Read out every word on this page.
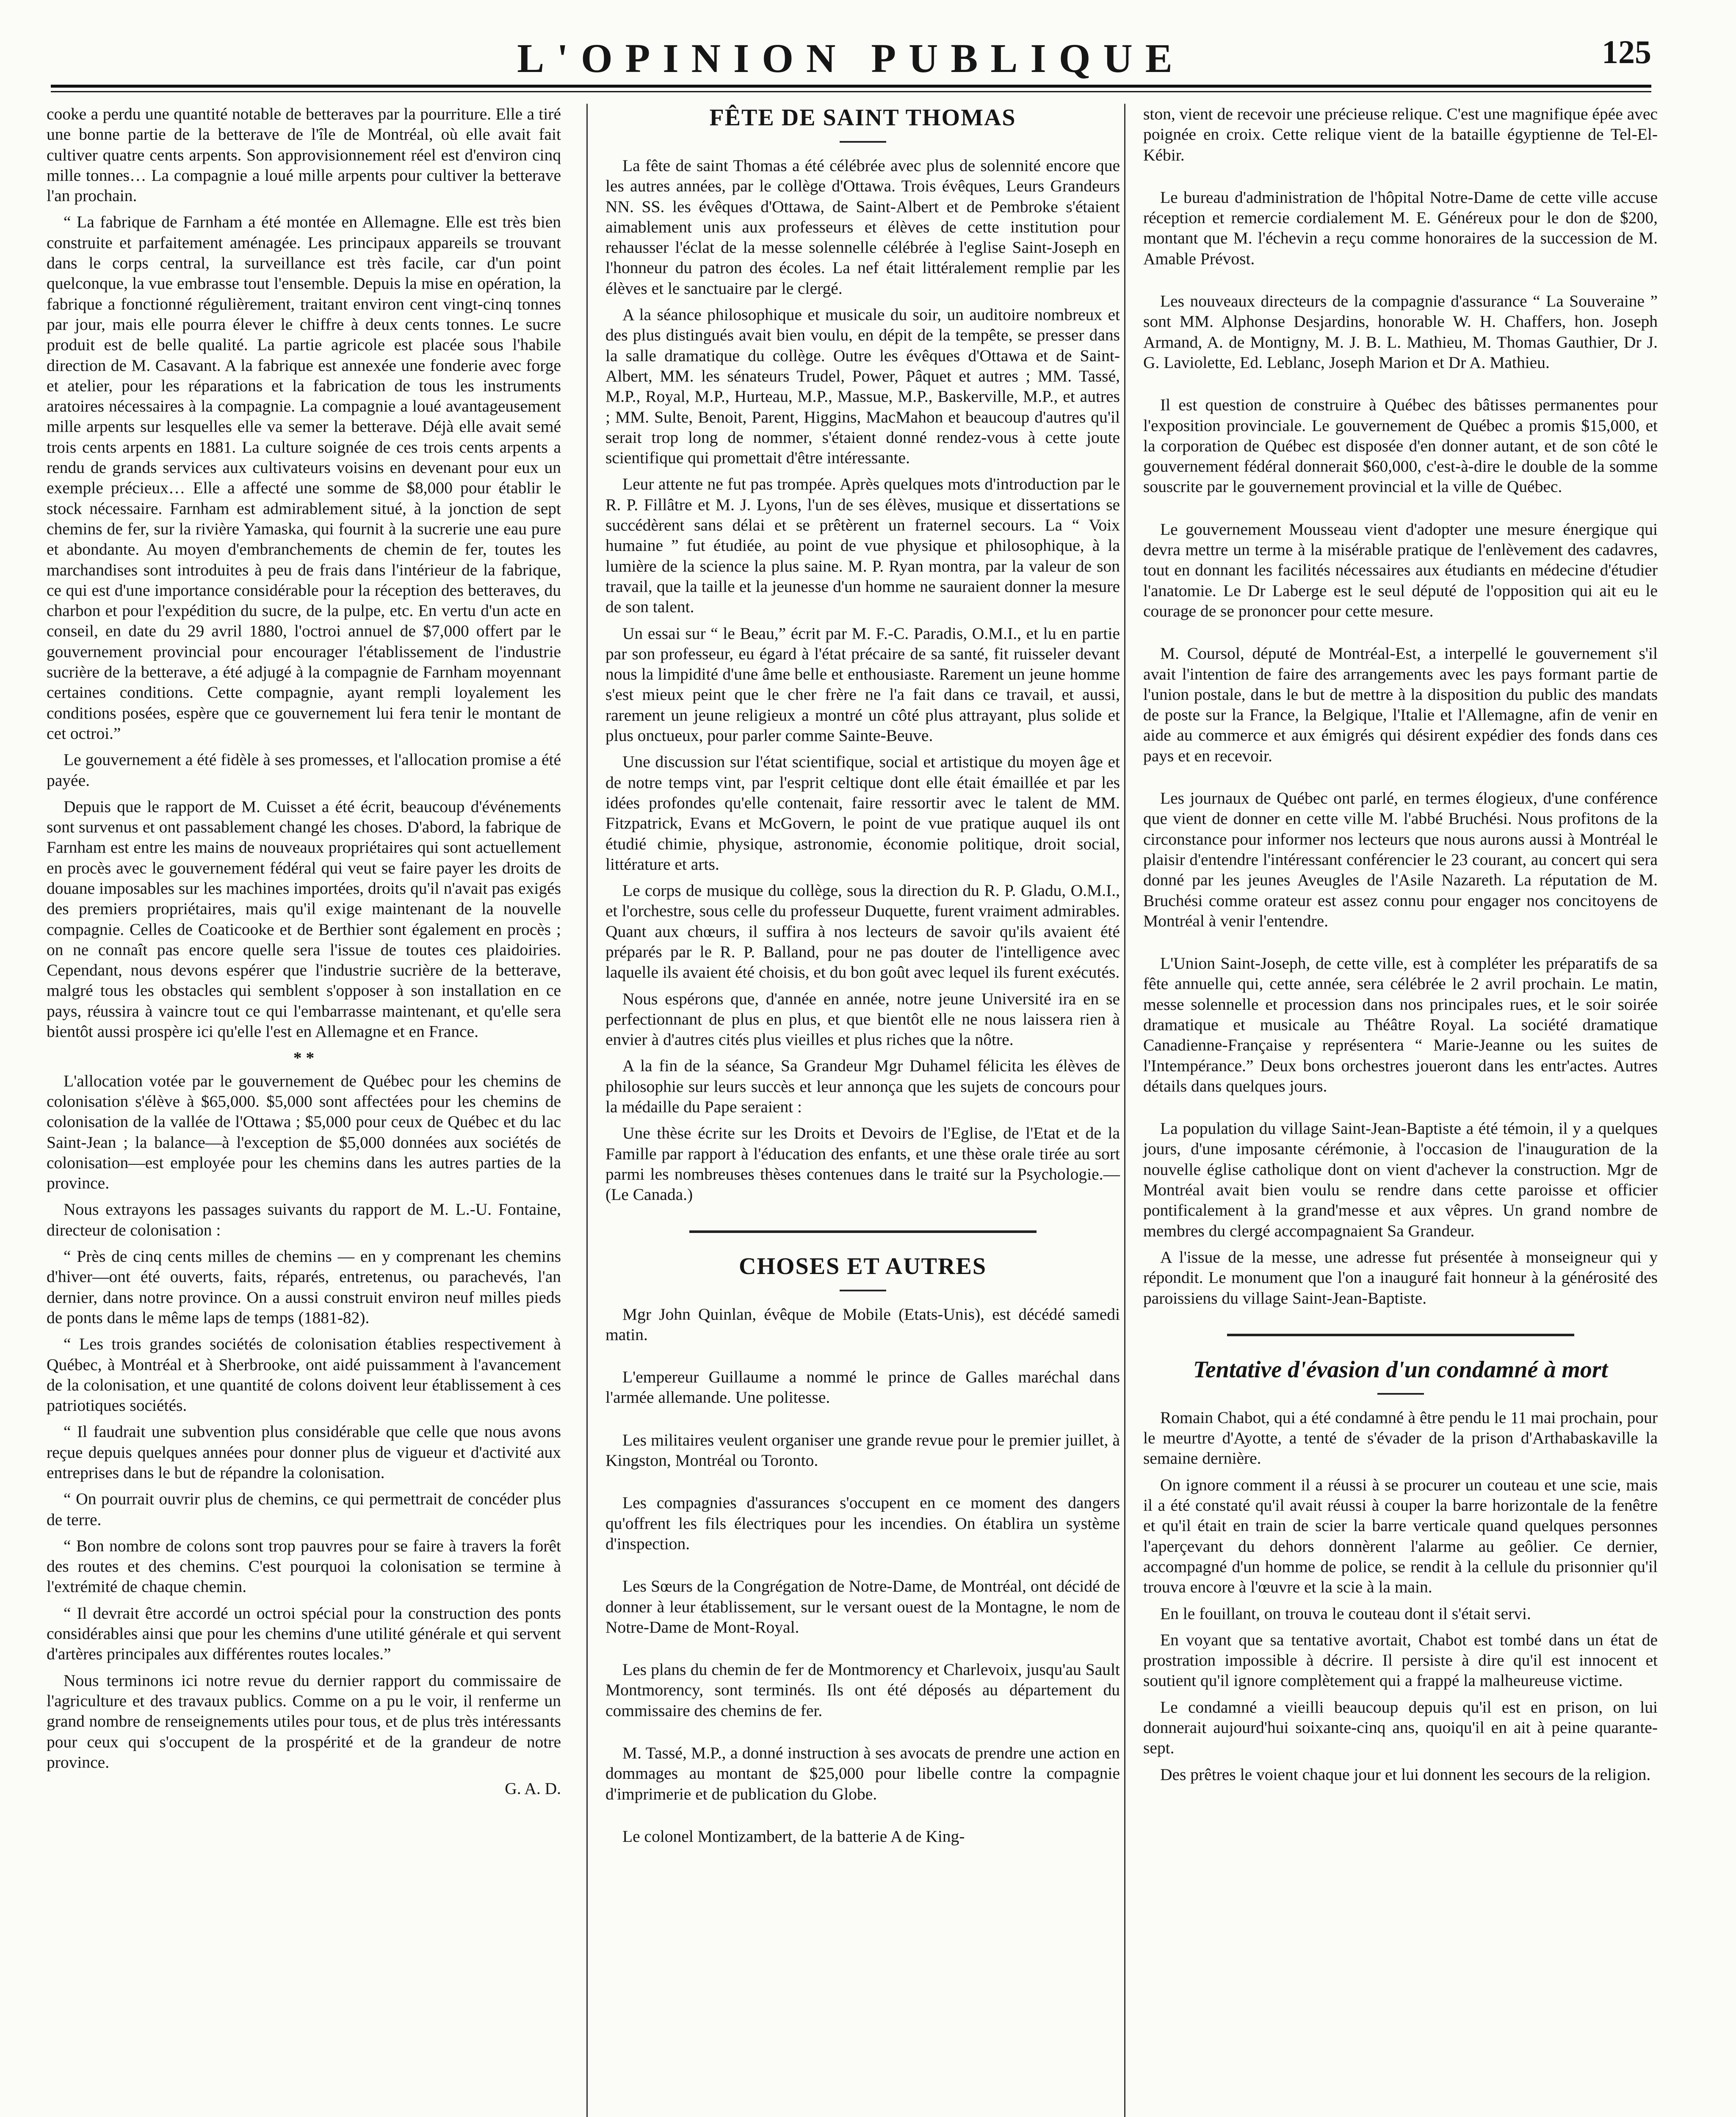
L'OPINION PUBLIQUE	125

cooke a perdu une quantité notable de betteraves par la pourriture. Elle a tiré une bonne partie de la betterave de l'île de Montréal, où elle avait fait cultiver quatre cents arpents. Son approvisionnement réel est d'environ cinq mille tonnes… La compagnie a loué mille arpents pour cultiver la betterave l'an prochain.

“ La fabrique de Farnham a été montée en Allemagne. Elle est très bien construite et parfaitement aménagée. Les principaux appareils se trouvant dans le corps central, la surveillance est très facile, car d'un point quelconque, la vue embrasse tout l'ensemble. Depuis la mise en opération, la fabrique a fonctionné régulièrement, traitant environ cent vingt-cinq tonnes par jour, mais elle pourra élever le chiffre à deux cents tonnes. Le sucre produit est de belle qualité. La partie agricole est placée sous l'habile direction de M. Casavant. A la fabrique est annexée une fonderie avec forge et atelier, pour les réparations et la fabrication de tous les instruments aratoires nécessaires à la compagnie. La compagnie a loué avantageusement mille arpents sur lesquelles elle va semer la betterave. Déjà elle avait semé trois cents arpents en 1881. La culture soignée de ces trois cents arpents a rendu de grands services aux cultivateurs voisins en devenant pour eux un exemple précieux… Elle a affecté une somme de $8,000 pour établir le stock nécessaire. Farnham est admirablement situé, à la jonction de sept chemins de fer, sur la rivière Yamaska, qui fournit à la sucrerie une eau pure et abondante. Au moyen d'embranchements de chemin de fer, toutes les marchandises sont introduites à peu de frais dans l'intérieur de la fabrique, ce qui est d'une importance considérable pour la réception des betteraves, du charbon et pour l'expédition du sucre, de la pulpe, etc. En vertu d'un acte en conseil, en date du 29 avril 1880, l'octroi annuel de $7,000 offert par le gouvernement provincial pour encourager l'établissement de l'industrie sucrière de la betterave, a été adjugé à la compagnie de Farnham moyennant certaines conditions. Cette compagnie, ayant rempli loyalement les conditions posées, espère que ce gouvernement lui fera tenir le montant de cet octroi.”

Le gouvernement a été fidèle à ses promesses, et l'allocation promise a été payée.

Depuis que le rapport de M. Cuisset a été écrit, beaucoup d'événements sont survenus et ont passablement changé les choses. D'abord, la fabrique de Farnham est entre les mains de nouveaux propriétaires qui sont actuellement en procès avec le gouvernement fédéral qui veut se faire payer les droits de douane imposables sur les machines importées, droits qu'il n'avait pas exigés des premiers propriétaires, mais qu'il exige maintenant de la nouvelle compagnie. Celles de Coaticooke et de Berthier sont également en procès ; on ne connaît pas encore quelle sera l'issue de toutes ces plaidoiries. Cependant, nous devons espérer que l'industrie sucrière de la betterave, malgré tous les obstacles qui semblent s'opposer à son installation en ce pays, réussira à vaincre tout ce qui l'embarrasse maintenant, et qu'elle sera bientôt aussi prospère ici qu'elle l'est en Allemagne et en France.

* *

L'allocation votée par le gouvernement de Québec pour les chemins de colonisation s'élève à $65,000. $5,000 sont affectées pour les chemins de colonisation de la vallée de l'Ottawa ; $5,000 pour ceux de Québec et du lac Saint-Jean ; la balance—à l'exception de $5,000 données aux sociétés de colonisation—est employée pour les chemins dans les autres parties de la province.

Nous extrayons les passages suivants du rapport de M. L.-U. Fontaine, directeur de colonisation :

“ Près de cinq cents milles de chemins — en y comprenant les chemins d'hiver—ont été ouverts, faits, réparés, entretenus, ou parachevés, l'an dernier, dans notre province. On a aussi construit environ neuf milles pieds de ponts dans le même laps de temps (1881-82).

“ Les trois grandes sociétés de colonisation établies respectivement à Québec, à Montréal et à Sherbrooke, ont aidé puissamment à l'avancement de la colonisation, et une quantité de colons doivent leur établissement à ces patriotiques sociétés.

“ Il faudrait une subvention plus considérable que celle que nous avons reçue depuis quelques années pour donner plus de vigueur et d'activité aux entreprises dans le but de répandre la colonisation.

“ On pourrait ouvrir plus de chemins, ce qui permettrait de concéder plus de terre.

“ Bon nombre de colons sont trop pauvres pour se faire à travers la forêt des routes et des chemins. C'est pourquoi la colonisation se termine à l'extrémité de chaque chemin.

“ Il devrait être accordé un octroi spécial pour la construction des ponts considérables ainsi que pour les chemins d'une utilité générale et qui servent d'artères principales aux différentes routes locales.”

Nous terminons ici notre revue du dernier rapport du commissaire de l'agriculture et des travaux publics. Comme on a pu le voir, il renferme un grand nombre de renseignements utiles pour tous, et de plus très intéressants pour ceux qui s'occupent de la prospérité et de la grandeur de notre province.

G. A. D.

FÊTE DE SAINT THOMAS

La fête de saint Thomas a été célébrée avec plus de solennité encore que les autres années, par le collège d'Ottawa. Trois évêques, Leurs Grandeurs NN. SS. les évêques d'Ottawa, de Saint-Albert et de Pembroke s'étaient aimablement unis aux professeurs et élèves de cette institution pour rehausser l'éclat de la messe solennelle célébrée à l'eglise Saint-Joseph en l'honneur du patron des écoles. La nef était littéralement remplie par les élèves et le sanctuaire par le clergé.

A la séance philosophique et musicale du soir, un auditoire nombreux et des plus distingués avait bien voulu, en dépit de la tempête, se presser dans la salle dramatique du collège. Outre les évêques d'Ottawa et de Saint-Albert, MM. les sénateurs Trudel, Power, Pâquet et autres ; MM. Tassé, M.P., Royal, M.P., Hurteau, M.P., Massue, M.P., Baskerville, M.P., et autres ; MM. Sulte, Benoit, Parent, Higgins, MacMahon et beaucoup d'autres qu'il serait trop long de nommer, s'étaient donné rendez-vous à cette joute scientifique qui promettait d'être intéressante.

Leur attente ne fut pas trompée. Après quelques mots d'introduction par le R. P. Fillâtre et M. J. Lyons, l'un de ses élèves, musique et dissertations se succédèrent sans délai et se prêtèrent un fraternel secours. La “ Voix humaine ” fut étudiée, au point de vue physique et philosophique, à la lumière de la science la plus saine. M. P. Ryan montra, par la valeur de son travail, que la taille et la jeunesse d'un homme ne sauraient donner la mesure de son talent.

Un essai sur “ le Beau,” écrit par M. F.-C. Paradis, O.M.I., et lu en partie par son professeur, eu égard à l'état précaire de sa santé, fit ruisseler devant nous la limpidité d'une âme belle et enthousiaste. Rarement un jeune homme s'est mieux peint que le cher frère ne l'a fait dans ce travail, et aussi, rarement un jeune religieux a montré un côté plus attrayant, plus solide et plus onctueux, pour parler comme Sainte-Beuve.

Une discussion sur l'état scientifique, social et artistique du moyen âge et de notre temps vint, par l'esprit celtique dont elle était émaillée et par les idées profondes qu'elle contenait, faire ressortir avec le talent de MM. Fitzpatrick, Evans et McGovern, le point de vue pratique auquel ils ont étudié chimie, physique, astronomie, économie politique, droit social, littérature et arts.

Le corps de musique du collège, sous la direction du R. P. Gladu, O.M.I., et l'orchestre, sous celle du professeur Duquette, furent vraiment admirables. Quant aux chœurs, il suffira à nos lecteurs de savoir qu'ils avaient été préparés par le R. P. Balland, pour ne pas douter de l'intelligence avec laquelle ils avaient été choisis, et du bon goût avec lequel ils furent exécutés.

Nous espérons que, d'année en année, notre jeune Université ira en se perfectionnant de plus en plus, et que bientôt elle ne nous laissera rien à envier à d'autres cités plus vieilles et plus riches que la nôtre.

A la fin de la séance, Sa Grandeur Mgr Duhamel félicita les élèves de philosophie sur leurs succès et leur annonça que les sujets de concours pour la médaille du Pape seraient :

Une thèse écrite sur les Droits et Devoirs de l'Eglise, de l'Etat et de la Famille par rapport à l'éducation des enfants, et une thèse orale tirée au sort parmi les nombreuses thèses contenues dans le traité sur la Psychologie.—(Le Canada.)

CHOSES ET AUTRES

Mgr John Quinlan, évêque de Mobile (Etats-Unis), est décédé samedi matin.

L'empereur Guillaume a nommé le prince de Galles maréchal dans l'armée allemande. Une politesse.

Les militaires veulent organiser une grande revue pour le premier juillet, à Kingston, Montréal ou Toronto.

Les compagnies d'assurances s'occupent en ce moment des dangers qu'offrent les fils électriques pour les incendies. On établira un système d'inspection.

Les Sœurs de la Congrégation de Notre-Dame, de Montréal, ont décidé de donner à leur établissement, sur le versant ouest de la Montagne, le nom de Notre-Dame de Mont-Royal.

Les plans du chemin de fer de Montmorency et Charlevoix, jusqu'au Sault Montmorency, sont terminés. Ils ont été déposés au département du commissaire des chemins de fer.

M. Tassé, M.P., a donné instruction à ses avocats de prendre une action en dommages au montant de $25,000 pour libelle contre la compagnie d'imprimerie et de publication du Globe.

Le colonel Montizambert, de la batterie A de King-

ston, vient de recevoir une précieuse relique. C'est une magnifique épée avec poignée en croix. Cette relique vient de la bataille égyptienne de Tel-El-Kébir.

Le bureau d'administration de l'hôpital Notre-Dame de cette ville accuse réception et remercie cordialement M. E. Généreux pour le don de $200, montant que M. l'échevin a reçu comme honoraires de la succession de M. Amable Prévost.

Les nouveaux directeurs de la compagnie d'assurance “ La Souveraine ” sont MM. Alphonse Desjardins, honorable W. H. Chaffers, hon. Joseph Armand, A. de Montigny, M. J. B. L. Mathieu, M. Thomas Gauthier, Dr J. G. Laviolette, Ed. Leblanc, Joseph Marion et Dr A. Mathieu.

Il est question de construire à Québec des bâtisses permanentes pour l'exposition provinciale. Le gouvernement de Québec a promis $15,000, et la corporation de Québec est disposée d'en donner autant, et de son côté le gouvernement fédéral donnerait $60,000, c'est-à-dire le double de la somme souscrite par le gouvernement provincial et la ville de Québec.

Le gouvernement Mousseau vient d'adopter une mesure énergique qui devra mettre un terme à la misérable pratique de l'enlèvement des cadavres, tout en donnant les facilités nécessaires aux étudiants en médecine d'étudier l'anatomie. Le Dr Laberge est le seul député de l'opposition qui ait eu le courage de se prononcer pour cette mesure.

M. Coursol, député de Montréal-Est, a interpellé le gouvernement s'il avait l'intention de faire des arrangements avec les pays formant partie de l'union postale, dans le but de mettre à la disposition du public des mandats de poste sur la France, la Belgique, l'Italie et l'Allemagne, afin de venir en aide au commerce et aux émigrés qui désirent expédier des fonds dans ces pays et en recevoir.

Les journaux de Québec ont parlé, en termes élogieux, d'une conférence que vient de donner en cette ville M. l'abbé Bruchési. Nous profitons de la circonstance pour informer nos lecteurs que nous aurons aussi à Montréal le plaisir d'entendre l'intéressant conférencier le 23 courant, au concert qui sera donné par les jeunes Aveugles de l'Asile Nazareth. La réputation de M. Bruchési comme orateur est assez connu pour engager nos concitoyens de Montréal à venir l'entendre.

L'Union Saint-Joseph, de cette ville, est à compléter les préparatifs de sa fête annuelle qui, cette année, sera célébrée le 2 avril prochain. Le matin, messe solennelle et procession dans nos principales rues, et le soir soirée dramatique et musicale au Théâtre Royal. La société dramatique Canadienne-Française y représentera “ Marie-Jeanne ou les suites de l'Intempérance.” Deux bons orchestres joueront dans les entr'actes. Autres détails dans quelques jours.

La population du village Saint-Jean-Baptiste a été témoin, il y a quelques jours, d'une imposante cérémonie, à l'occasion de l'inauguration de la nouvelle église catholique dont on vient d'achever la construction. Mgr de Montréal avait bien voulu se rendre dans cette paroisse et officier pontificalement à la grand'messe et aux vêpres. Un grand nombre de membres du clergé accompagnaient Sa Grandeur.

A l'issue de la messe, une adresse fut présentée à monseigneur qui y répondit. Le monument que l'on a inauguré fait honneur à la générosité des paroissiens du village Saint-Jean-Baptiste.

Tentative d'évasion d'un condamné à mort

Romain Chabot, qui a été condamné à être pendu le 11 mai prochain, pour le meurtre d'Ayotte, a tenté de s'évader de la prison d'Arthabaskaville la semaine dernière.

On ignore comment il a réussi à se procurer un couteau et une scie, mais il a été constaté qu'il avait réussi à couper la barre horizontale de la fenêtre et qu'il était en train de scier la barre verticale quand quelques personnes l'aperçevant du dehors donnèrent l'alarme au geôlier. Ce dernier, accompagné d'un homme de police, se rendit à la cellule du prisonnier qu'il trouva encore à l'œuvre et la scie à la main.

En le fouillant, on trouva le couteau dont il s'était servi.

En voyant que sa tentative avortait, Chabot est tombé dans un état de prostration impossible à décrire. Il persiste à dire qu'il est innocent et soutient qu'il ignore complètement qui a frappé la malheureuse victime.

Le condamné a vieilli beaucoup depuis qu'il est en prison, on lui donnerait aujourd'hui soixante-cinq ans, quoiqu'il en ait à peine quarante-sept.

Des prêtres le voient chaque jour et lui donnent les secours de la religion.
